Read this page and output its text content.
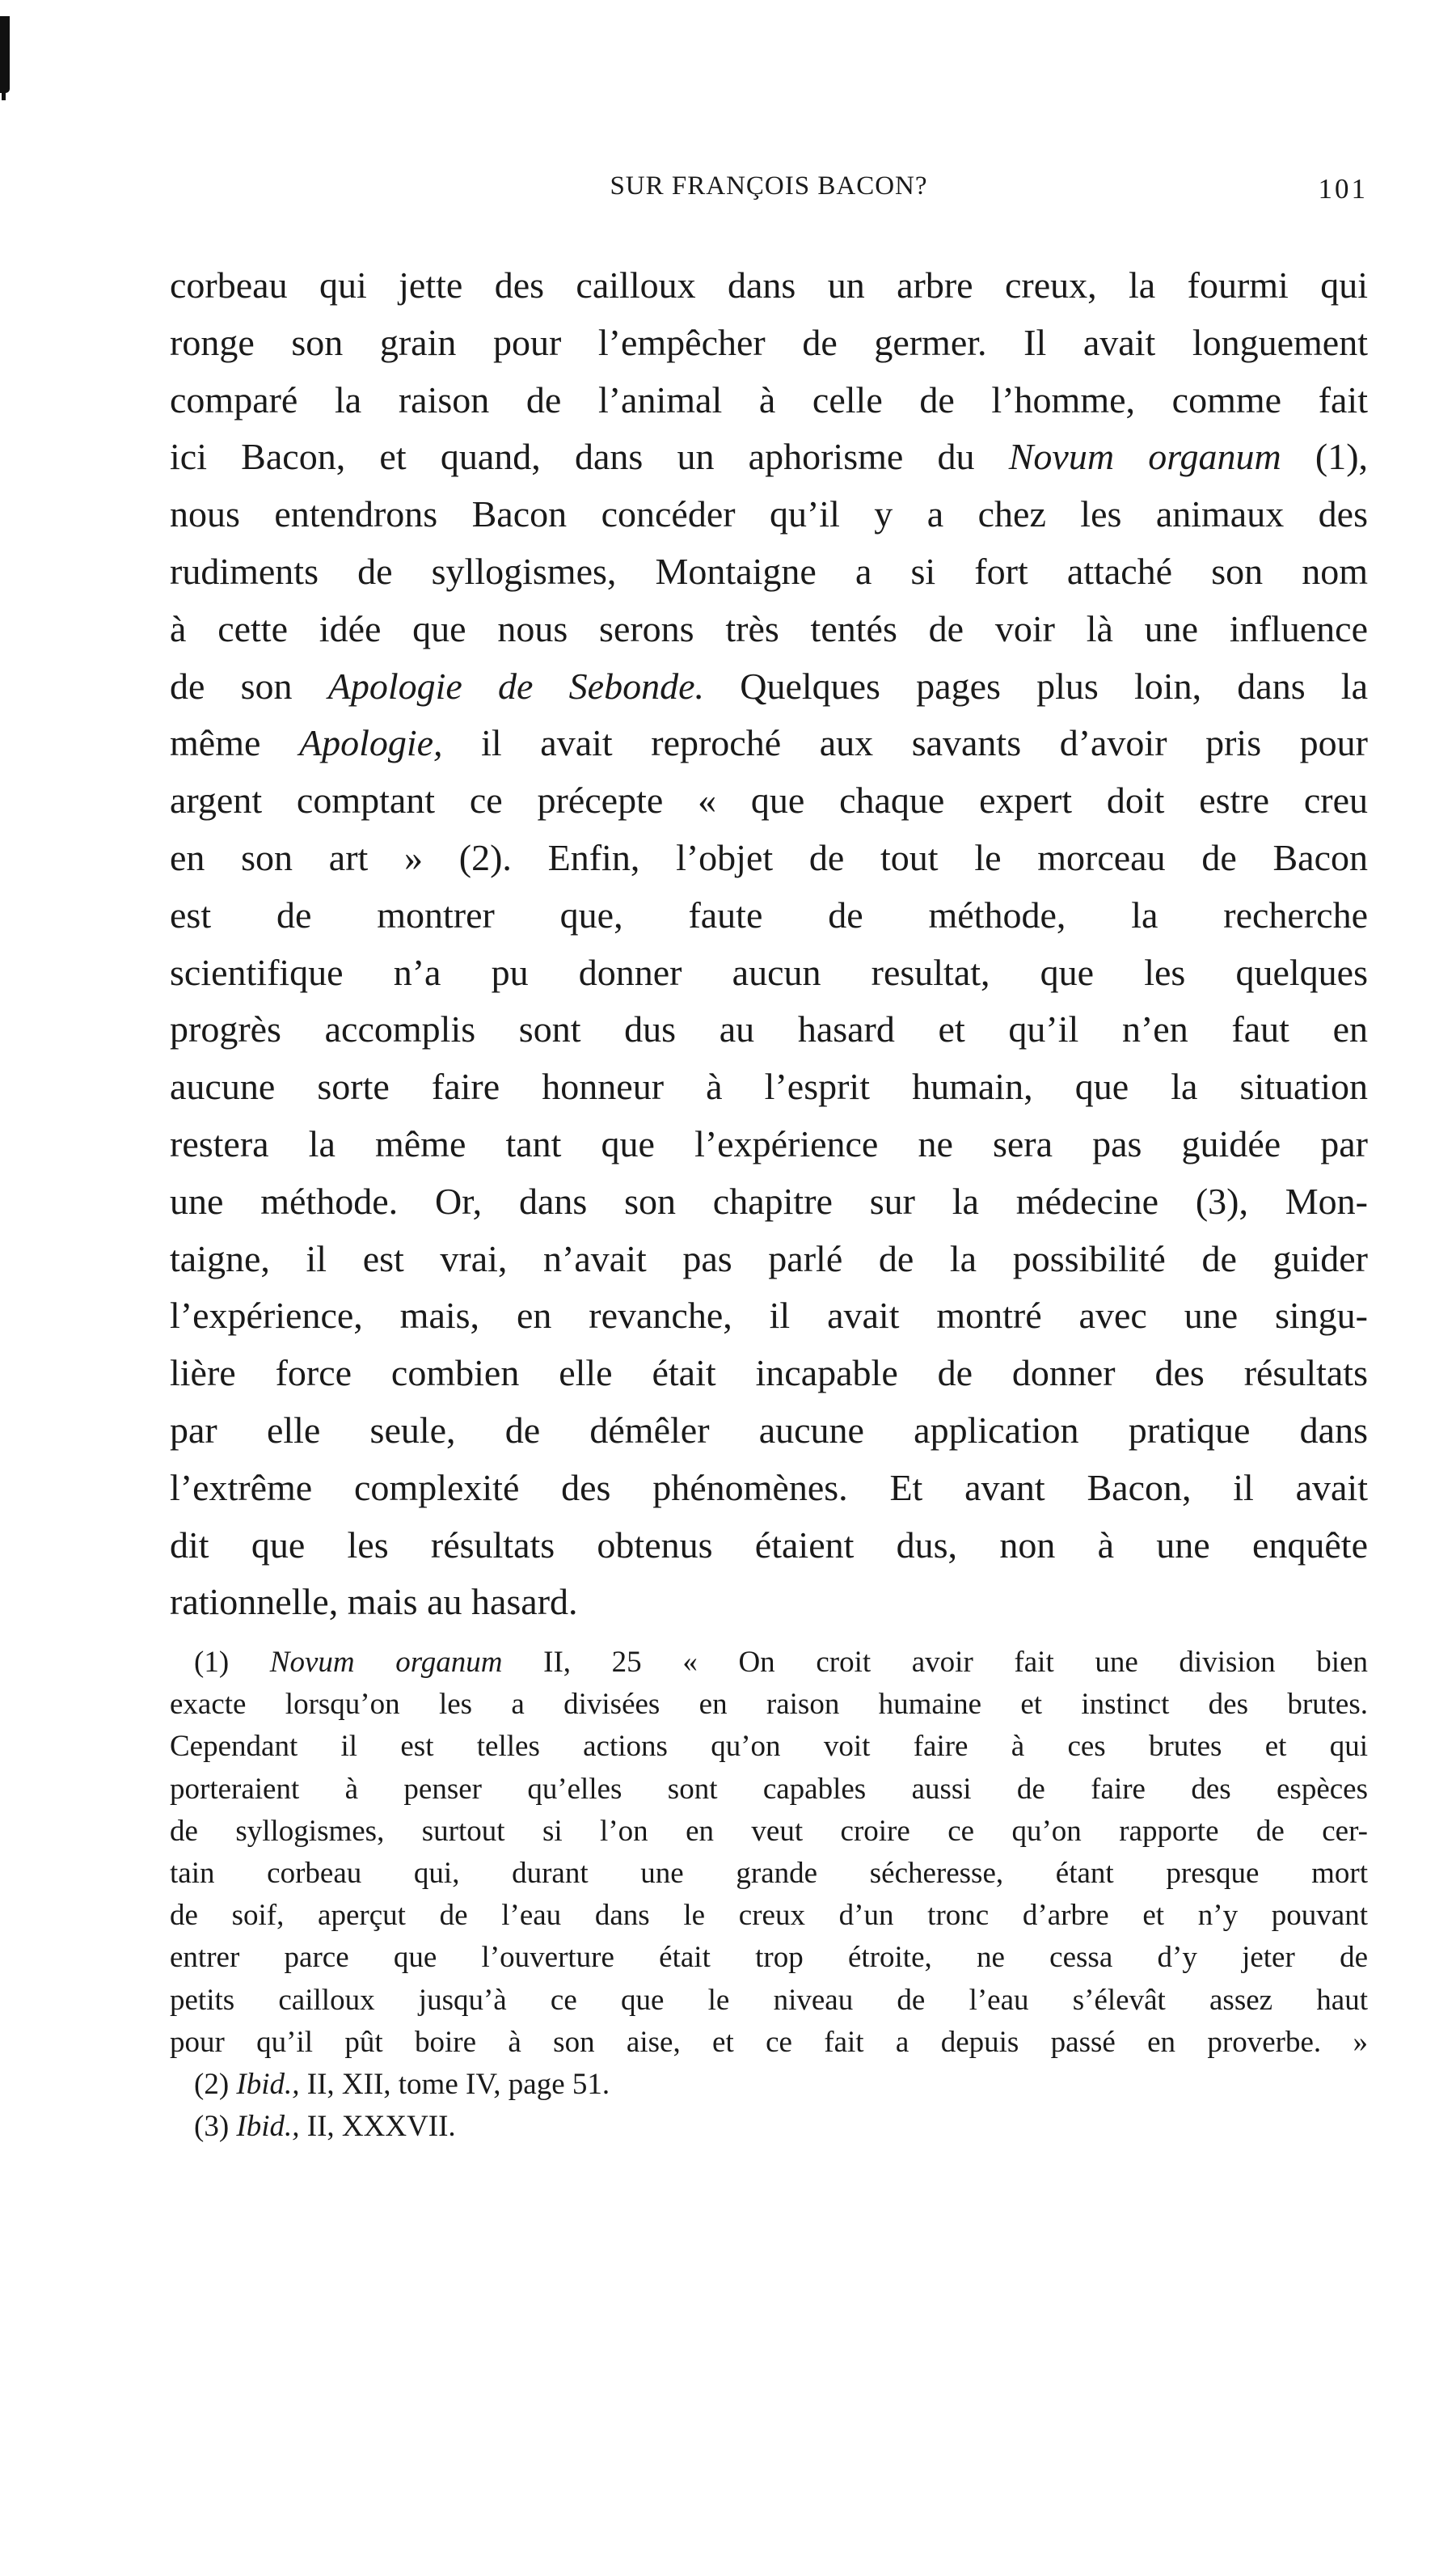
SUR FRANÇOIS BACON?	101
corbeau qui jette des cailloux dans un arbre creux, la fourmi qui
ronge son grain pour l’empêcher de germer. Il avait longuement
comparé la raison de l’animal à celle de l’homme, comme fait
ici Bacon, et quand, dans un aphorisme du Novum organum (1),
nous entendrons Bacon concéder qu’il y a chez les animaux des
rudiments de syllogismes, Montaigne a si fort attaché son nom
à cette idée que nous serons très tentés de voir là une influence
de son Apologie de Sebonde. Quelques pages plus loin, dans la
même Apologie, il avait reproché aux savants d’avoir pris pour
argent comptant ce précepte « que chaque expert doit estre creu
en son art » (2). Enfin, l’objet de tout le morceau de Bacon
est de montrer que, faute de méthode, la recherche
scientifique n’a pu donner aucun resultat, que les quelques
progrès accomplis sont dus au hasard et qu’il n’en faut en
aucune sorte faire honneur à l’esprit humain, que la situation
restera la même tant que l’expérience ne sera pas guidée par
une méthode. Or, dans son chapitre sur la médecine (3), Mon-
taigne, il est vrai, n’avait pas parlé de la possibilité de guider
l’expérience, mais, en revanche, il avait montré avec une singu-
lière force combien elle était incapable de donner des résultats
par elle seule, de démêler aucune application pratique dans
l’extrême complexité des phénomènes. Et avant Bacon, il avait
dit que les résultats obtenus étaient dus, non à une enquête
rationnelle, mais au hasard.
(1) Novum organum II, 25 « On croit avoir fait une division bien
exacte lorsqu’on les a divisées en raison humaine et instinct des brutes.
Cependant il est telles actions qu’on voit faire à ces brutes et qui
porteraient à penser qu’elles sont capables aussi de faire des espèces
de syllogismes, surtout si l’on en veut croire ce qu’on rapporte de cer-
tain corbeau qui, durant une grande sécheresse, étant presque mort
de soif, aperçut de l’eau dans le creux d’un tronc d’arbre et n’y pouvant
entrer parce que l’ouverture était trop étroite, ne cessa d’y jeter de
petits cailloux jusqu’à ce que le niveau de l’eau s’élevât assez haut
pour qu’il pût boire à son aise, et ce fait a depuis passé en proverbe. »
(2) Ibid., II, XII, tome IV, page 51.
(3) Ibid., II, XXXVII.
